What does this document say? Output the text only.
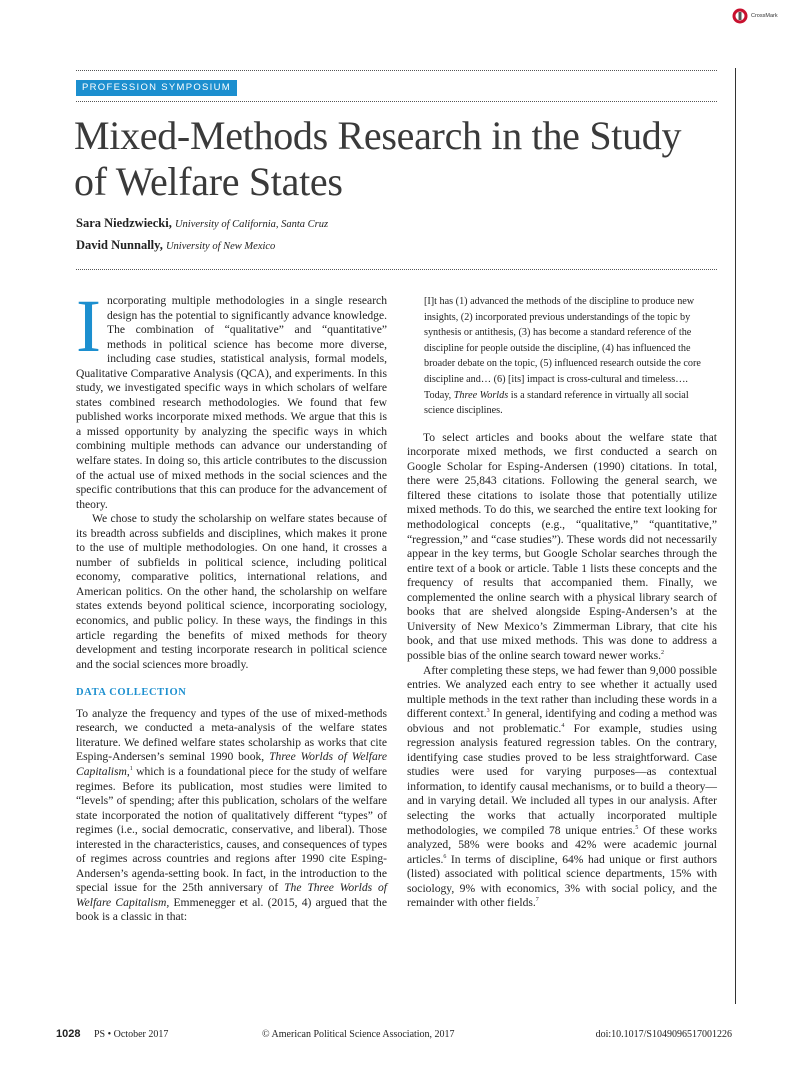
CrossMark
PROFESSION SYMPOSIUM
Mixed-Methods Research in the Study of Welfare States
Sara Niedzwiecki, University of California, Santa Cruz
David Nunnally, University of New Mexico

Incorporating multiple methodologies in a single research design has the potential to significantly advance knowledge. The combination of “qualitative” and “quantitative” methods in political science has become more diverse, including case studies, statistical analysis, formal models, Qualitative Comparative Analysis (QCA), and experiments. In this study, we investigated specific ways in which scholars of welfare states combined research methodologies. We found that few published works incorporate mixed methods. We argue that this is a missed opportunity by analyzing the specific ways in which combining multiple methods can advance our understanding of welfare states. In doing so, this article contributes to the discussion of the actual use of mixed methods in the social sciences and the specific contributions that this can produce for the advancement of theory.

We chose to study the scholarship on welfare states because of its breadth across subfields and disciplines, which makes it prone to the use of multiple methodologies. On one hand, it crosses a number of subfields in political science, including political economy, comparative politics, international relations, and American politics. On the other hand, the scholarship on welfare states extends beyond political science, incorporating sociology, economics, and public policy. In these ways, the findings in this article regarding the benefits of mixed methods for theory development and testing incorporate research in political science and the social sciences more broadly.

DATA COLLECTION

To analyze the frequency and types of the use of mixed-methods research, we conducted a meta-analysis of the welfare states literature. We defined welfare states scholarship as works that cite Esping-Andersen’s seminal 1990 book, Three Worlds of Welfare Capitalism,$^1$ which is a foundational piece for the study of welfare regimes. Before its publication, most studies were limited to “levels” of spending; after this publication, scholars of the welfare state incorporated the notion of qualitatively different “types” of regimes (i.e., social democratic, conservative, and liberal). Those interested in the characteristics, causes, and consequences of types of regimes across countries and regions after 1990 cite Esping-Andersen’s agenda-setting book. In fact, in the introduction to the special issue for the 25th anniversary of The Three Worlds of Welfare Capitalism, Emmenegger et al. (2015, 4) argued that the book is a classic in that:

[I]t has (1) advanced the methods of the discipline to produce new insights, (2) incorporated previous understandings of the topic by synthesis or antithesis, (3) has become a standard reference of the discipline for people outside the discipline, (4) has influenced the broader debate on the topic, (5) influenced research outside the core discipline and… (6) [its] impact is cross-cultural and timeless…. Today, Three Worlds is a standard reference in virtually all social science disciplines.

To select articles and books about the welfare state that incorporate mixed methods, we first conducted a search on Google Scholar for Esping-Andersen (1990) citations. In total, there were 25,843 citations. Following the general search, we filtered these citations to isolate those that potentially utilize mixed methods. To do this, we searched the entire text looking for methodological concepts (e.g., “qualitative,” “quantitative,” “regression,” and “case studies”). These words did not necessarily appear in the key terms, but Google Scholar searches through the entire text of a book or article. Table 1 lists these concepts and the frequency of results that accompanied them. Finally, we complemented the online search with a physical library search of books that are shelved alongside Esping-Andersen’s at the University of New Mexico’s Zimmerman Library, that cite his book, and that use mixed methods. This was done to address a possible bias of the online search toward newer works.$^2$

After completing these steps, we had fewer than 9,000 possible entries. We analyzed each entry to see whether it actually used multiple methods in the text rather than including these words in a different context.$^3$ In general, identifying and coding a method was obvious and not problematic.$^4$ For example, studies using regression analysis featured regression tables. On the contrary, identifying case studies proved to be less straightforward. Case studies were used for varying purposes—as contextual information, to identify causal mechanisms, or to build a theory—and in varying detail. We included all types in our analysis. After selecting the works that actually incorporated multiple methodologies, we compiled 78 unique entries.$^5$ Of these works analyzed, 58% were books and 42% were academic journal articles.$^6$ In terms of discipline, 64% had unique or first authors (listed) associated with political science departments, 15% with sociology, 9% with economics, 3% with social policy, and the remainder with other fields.$^7$

1028 PS • October 2017	© American Political Science Association, 2017	doi:10.1017/S1049096517001226
